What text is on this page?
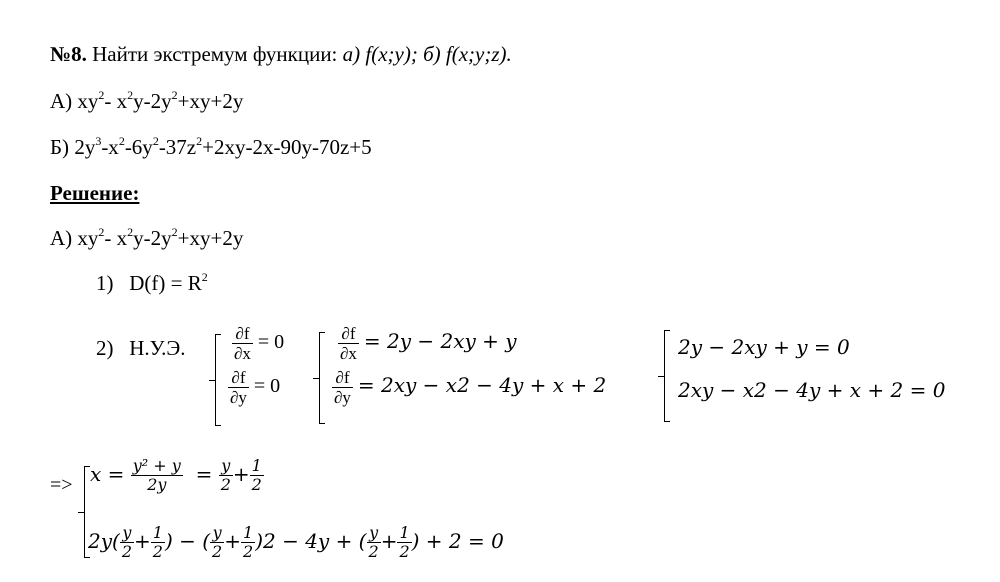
№8. Найти экстремум функции: а) f(x;y); б) f(x;y;z).
А) $xy^2-$ $x^2y-2y^2+xy+2y$
Б) $2y^3-x^2-6y^2-37z^2+2xy-2x-90y-70z+5$
Решение:
А) $xy^2-$ $x^2y-2y^2+xy+2y$
1) $D(f) = R^2$
2) Н.У.Э.	$\frac{\partial f}{\partial x} = 0$
$\frac{\partial f}{\partial y} = 0$
$\frac{\partial f}{\partial x} = 2y - 2xy + y$
$\frac{\partial f}{\partial y} = 2xy - x2 - 4y + x + 2$
2y − 2xy + y = 0
2xy − x2 − 4y + x + 2 = 0
=> $x = \frac{\text{y² + y}}{2y} = \frac{y}{2} + \frac{1}{2}$
$2y( \frac{y}{2} + \frac{1}{2}$ ) − ( $\frac{y}{2} + \frac{1}{2} )2 - 4y$ + ( $\frac{y}{2} + \frac{1}{2}$ ) + 2 = 0
